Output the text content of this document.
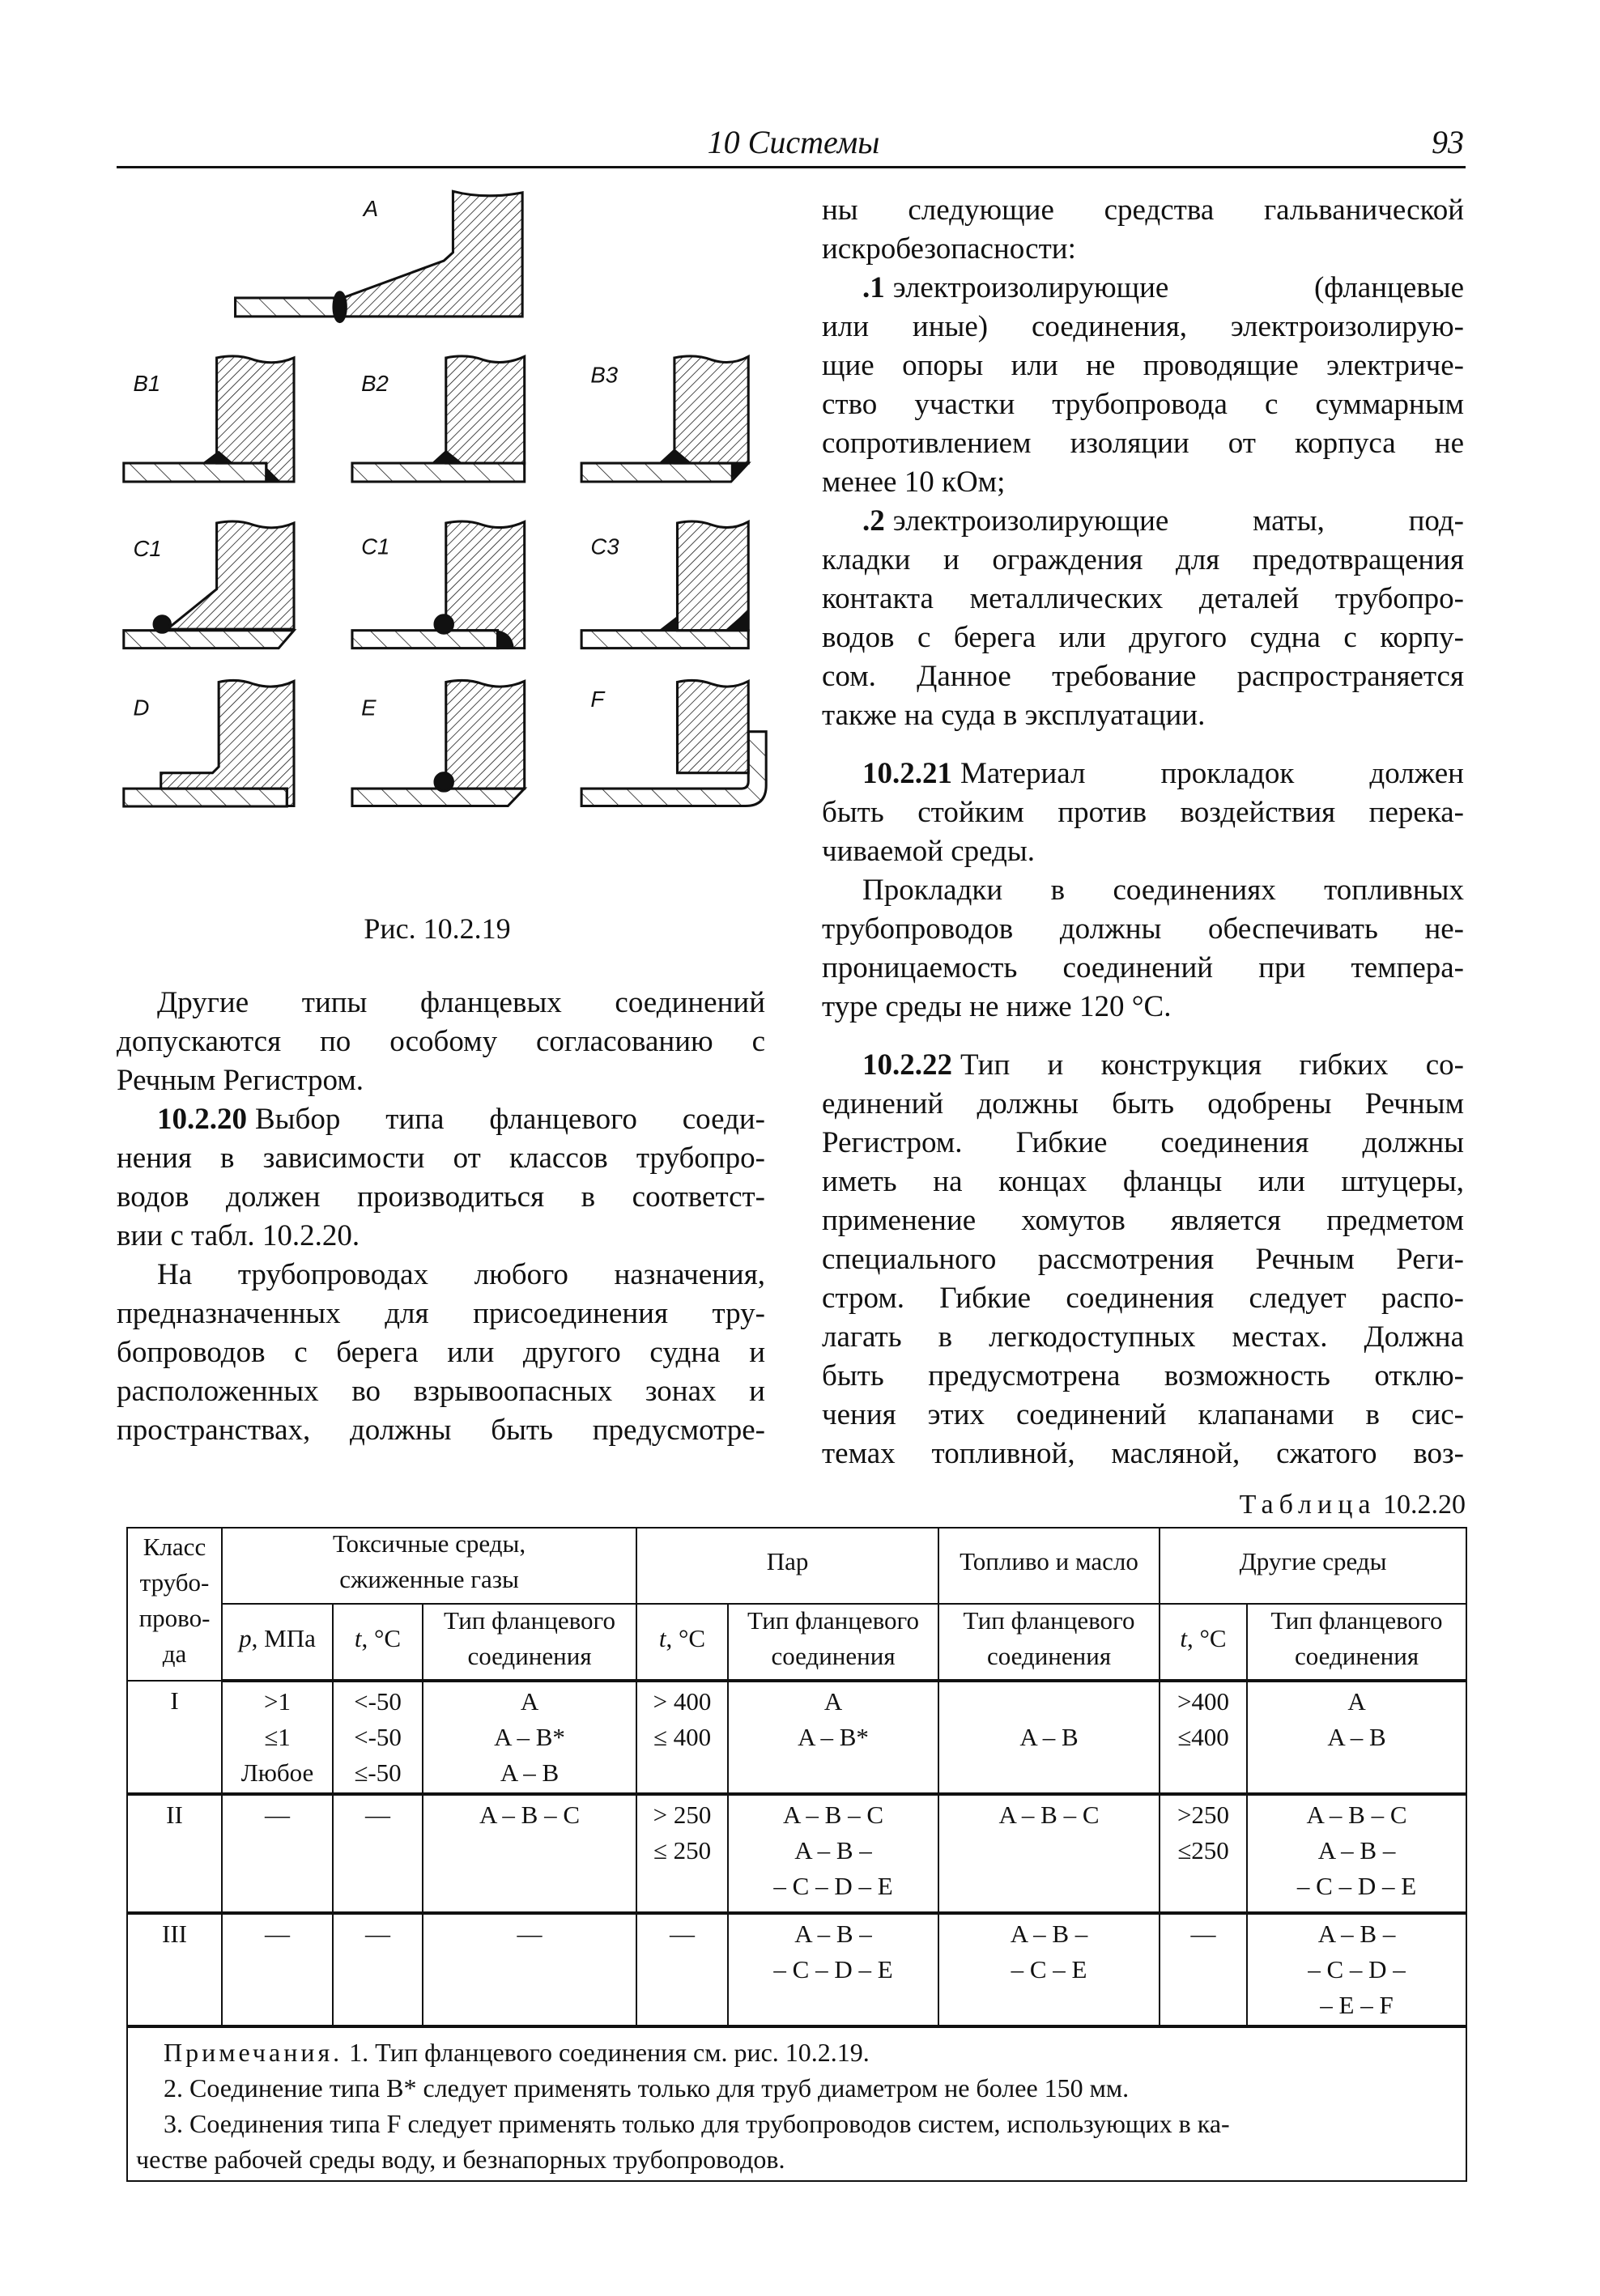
10 Системы	93
A
B1	B2	B3
C1	C1	C3
D	E	F
Рис. 10.2.19
Другие типы фланцевых соединений
допускаются по особому согласованию с
Речным Регистром.
10.2.20 Выбор типа фланцевого соеди-
нения в зависимости от классов трубопро-
водов должен производиться в соответст-
вии с табл. 10.2.20.
На трубопроводах любого назначения,
предназначенных для присоединения тру-
бопроводов с берега или другого судна и
расположенных во взрывоопасных зонах и
пространствах, должны быть предусмотре-
ны следующие средства гальванической
искробезопасности:
.1 электроизолирующие (фланцевые
или иные) соединения, электроизолирую-
щие опоры или не проводящие электриче-
ство участки трубопровода с суммарным
сопротивлением изоляции от корпуса не
менее 10 кОм;
.2 электроизолирующие маты, под-
кладки и ограждения для предотвращения
контакта металлических деталей трубопро-
водов с берега или другого судна с корпу-
сом. Данное требование распространяется
также на суда в эксплуатации.
10.2.21 Материал прокладок должен
быть стойким против воздействия перека-
чиваемой среды.
Прокладки в соединениях топливных
трубопроводов должны обеспечивать не-
проницаемость соединений при темпера-
туре среды не ниже 120 °С.
10.2.22 Тип и конструкция гибких со-
единений должны быть одобрены Речным
Регистром. Гибкие соединения должны
иметь на концах фланцы или штуцеры,
применение хомутов является предметом
специального рассмотрения Речным Реги-
стром. Гибкие соединения следует распо-
лагать в легкодоступных местах. Должна
быть предусмотрена возможность отклю-
чения этих соединений клапанами в сис-
темах топливной, масляной, сжатого воз-
Таблица 10.2.20
Класс
трубо-
прово-
да	Токсичные среды,
сжиженные газы			Пар		Топливо и масло	Другие среды	

	p, МПа	t, °С	Тип фланцевого
соединения	t, °С	Тип фланцевого
соединения	Тип фланцевого
соединения	t, °С	Тип фланцевого
соединения

I	>1
≤1
Любое	<-50
<-50
≤-50	A
A – B*
A – B	> 400
≤ 400	A
A – B*	A – B	>400
≤400	A
A – B

II	—	—	A – B – C	> 250
≤ 250	A – B – C
A – B –
– C – D – E	A – B – C	>250
≤250	A – B – C
A – B –
– C – D – E

III	—	—	—	—	A – B –
– C – D – E	A – B –
– C – E	—	A – B –
– C – D –
– E – F

Примечания. 1. Тип фланцевого соединения см. рис. 10.2.19.
2. Соединение типа B* следует применять только для труб диаметром не более 150 мм.
3. Соединения типа F следует применять только для трубопроводов систем, использующих в ка-
честве рабочей среды воду, и безнапорных трубопроводов.								
